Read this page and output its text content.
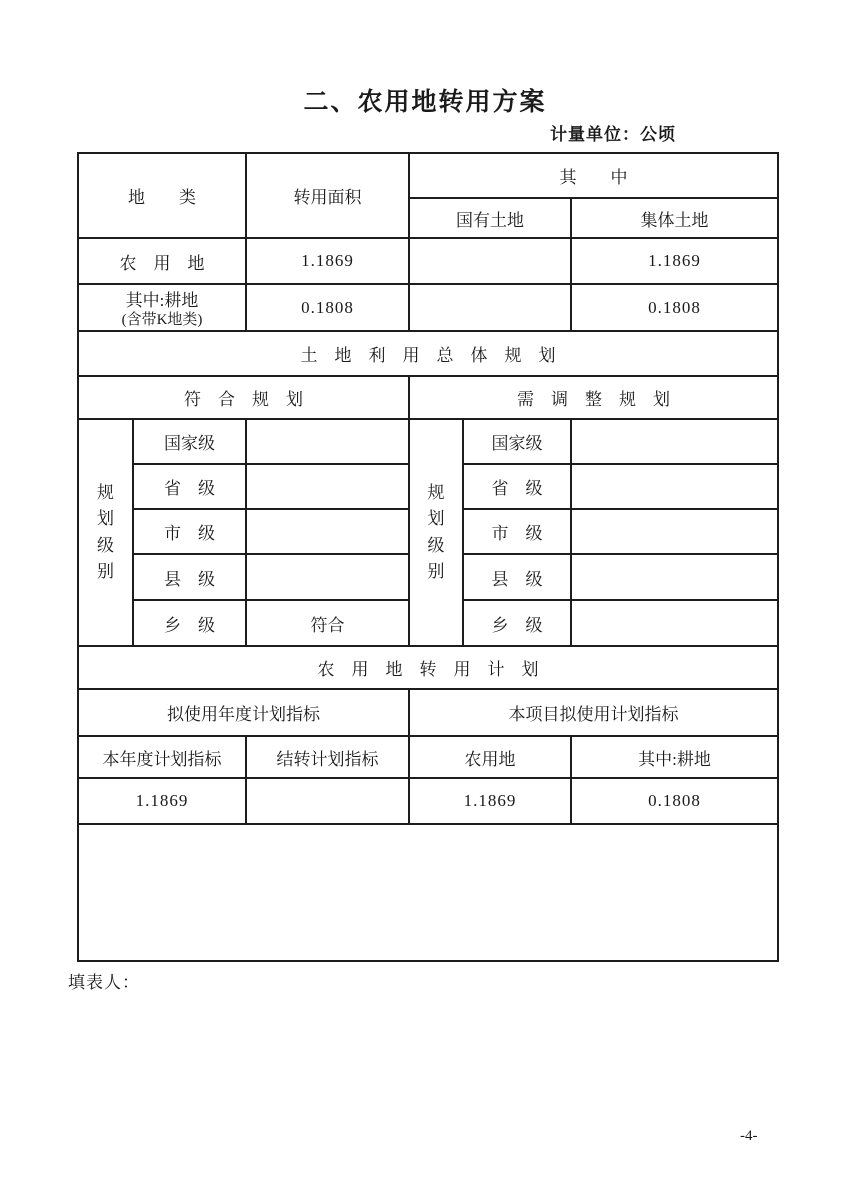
二、农用地转用方案
计量单位：公顷
地　　类		转用面积	其　　中		
			国有土地		集体土地
农　用　地		1.1869			1.1869

其中:耕地
(含带K地类)		0.1808			0.1808
土　地　利　用　总　体　规　划					
符　合　规　划			需　调　整　规　划		
规划级别	国家级		规划级别	国家级	
	省　级			省　级	
	市　级			市　级	
	县　级			县　级	
	乡　级	符合		乡　级	
农　用　地　转　用　计　划					
拟使用年度计划指标			本项目拟使用计划指标		
本年度计划指标		结转计划指标	农用地		其中:耕地
1.1869			1.1869		0.1808

填表人：
-4-
